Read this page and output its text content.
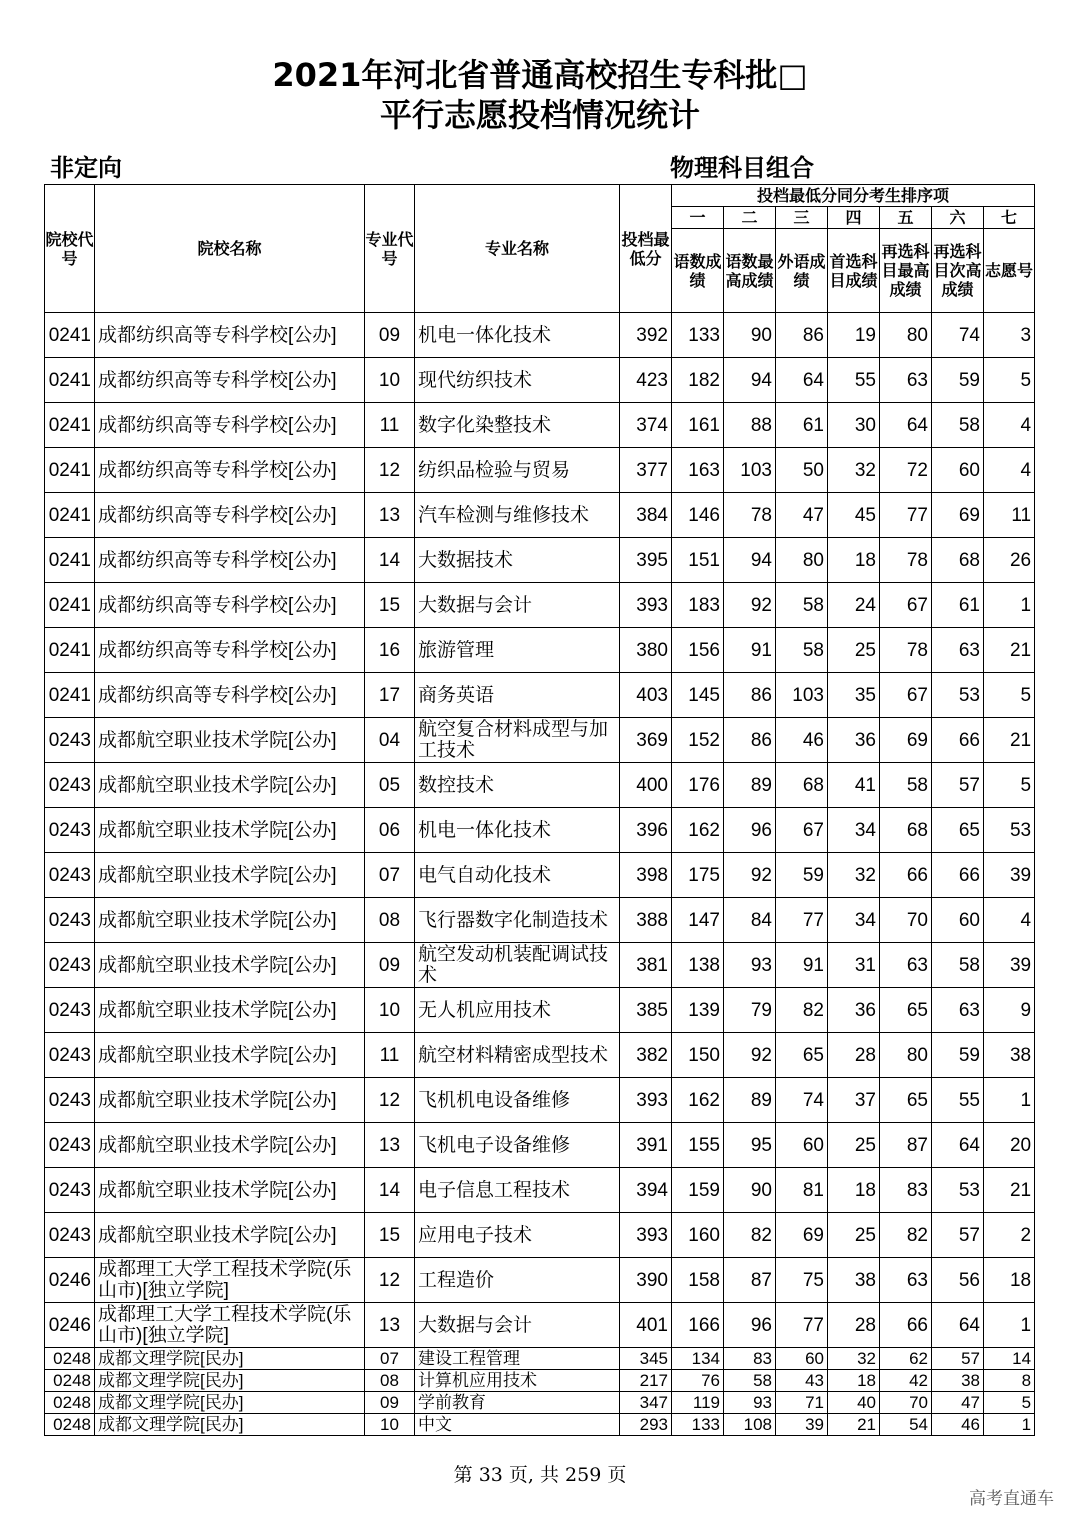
2021年河北省普通高校招生专科批□
平行志愿投档情况统计
非定向	物理科目组合
院校代号	院校名称	专业代号	专业名称	投档最低分	投档最低分同分考生排序项						
					一	二	三	四	五	六	七
					语数成绩	语数最高成绩	外语成绩	首选科目成绩	再选科目最高成绩	再选科目次高成绩	志愿号
0241	成都纺织高等专科学校[公办]	09	机电一体化技术	392	133	90	86	19	80	74	3
0241	成都纺织高等专科学校[公办]	10	现代纺织技术	423	182	94	64	55	63	59	5
0241	成都纺织高等专科学校[公办]	11	数字化染整技术	374	161	88	61	30	64	58	4
0241	成都纺织高等专科学校[公办]	12	纺织品检验与贸易	377	163	103	50	32	72	60	4
0241	成都纺织高等专科学校[公办]	13	汽车检测与维修技术	384	146	78	47	45	77	69	11
0241	成都纺织高等专科学校[公办]	14	大数据技术	395	151	94	80	18	78	68	26
0241	成都纺织高等专科学校[公办]	15	大数据与会计	393	183	92	58	24	67	61	1
0241	成都纺织高等专科学校[公办]	16	旅游管理	380	156	91	58	25	78	63	21
0241	成都纺织高等专科学校[公办]	17	商务英语	403	145	86	103	35	67	53	5
0243	成都航空职业技术学院[公办]	04	航空复合材料成型与加工技术	369	152	86	46	36	69	66	21
0243	成都航空职业技术学院[公办]	05	数控技术	400	176	89	68	41	58	57	5
0243	成都航空职业技术学院[公办]	06	机电一体化技术	396	162	96	67	34	68	65	53
0243	成都航空职业技术学院[公办]	07	电气自动化技术	398	175	92	59	32	66	66	39
0243	成都航空职业技术学院[公办]	08	飞行器数字化制造技术	388	147	84	77	34	70	60	4
0243	成都航空职业技术学院[公办]	09	航空发动机装配调试技术	381	138	93	91	31	63	58	39
0243	成都航空职业技术学院[公办]	10	无人机应用技术	385	139	79	82	36	65	63	9
0243	成都航空职业技术学院[公办]	11	航空材料精密成型技术	382	150	92	65	28	80	59	38
0243	成都航空职业技术学院[公办]	12	飞机机电设备维修	393	162	89	74	37	65	55	1
0243	成都航空职业技术学院[公办]	13	飞机电子设备维修	391	155	95	60	25	87	64	20
0243	成都航空职业技术学院[公办]	14	电子信息工程技术	394	159	90	81	18	83	53	21
0243	成都航空职业技术学院[公办]	15	应用电子技术	393	160	82	69	25	82	57	2
0246	成都理工大学工程技术学院(乐山市)[独立学院]	12	工程造价	390	158	87	75	38	63	56	18
0246	成都理工大学工程技术学院(乐山市)[独立学院]	13	大数据与会计	401	166	96	77	28	66	64	1
0248	成都文理学院[民办]	07	建设工程管理	345	134	83	60	32	62	57	14
0248	成都文理学院[民办]	08	计算机应用技术	217	76	58	43	18	42	38	8
0248	成都文理学院[民办]	09	学前教育	347	119	93	71	40	70	47	5
0248	成都文理学院[民办]	10	中文	293	133	108	39	21	54	46	1
第 33 页, 共 259 页
高考直通车
